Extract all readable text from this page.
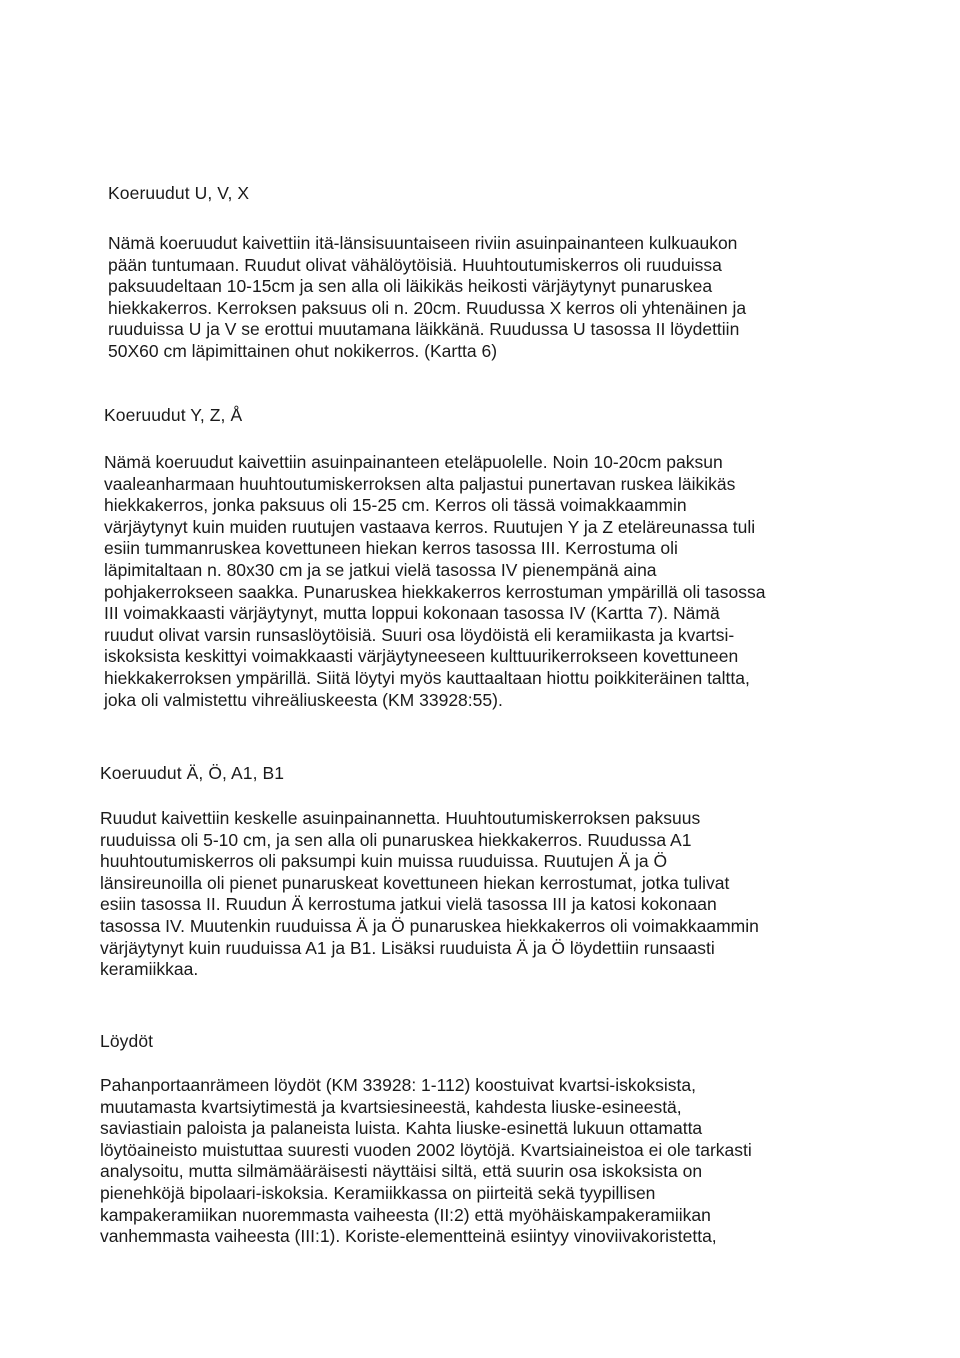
Koeruudut U, V, X

Nämä koeruudut kaivettiin itä-länsisuuntaiseen riviin asuinpainanteen kulkuaukon
pään tuntumaan. Ruudut olivat vähälöytöisiä. Huuhtoutumiskerros oli ruuduissa
paksuudeltaan 10-15cm ja sen alla oli läikikäs heikosti värjäytynyt punaruskea
hiekkakerros. Kerroksen paksuus oli n. 20cm. Ruudussa X kerros oli yhtenäinen ja
ruuduissa U ja V se erottui muutamana läikkänä. Ruudussa U tasossa II löydettiin
50X60 cm läpimittainen ohut nokikerros. (Kartta 6)

Koeruudut Y, Z, Å

Nämä koeruudut kaivettiin asuinpainanteen eteläpuolelle. Noin 10-20cm paksun
vaaleanharmaan huuhtoutumiskerroksen alta paljastui punertavan ruskea läikikäs
hiekkakerros, jonka paksuus oli 15-25 cm. Kerros oli tässä voimakkaammin
värjäytynyt kuin muiden ruutujen vastaava kerros. Ruutujen Y ja Z eteläreunassa tuli
esiin tummanruskea kovettuneen hiekan kerros tasossa III. Kerrostuma oli
läpimitaltaan n. 80x30 cm ja se jatkui vielä tasossa IV pienempänä aina
pohjakerrokseen saakka. Punaruskea hiekkakerros kerrostuman ympärillä oli tasossa
III voimakkaasti värjäytynyt, mutta loppui kokonaan tasossa IV (Kartta 7). Nämä
ruudut olivat varsin runsaslöytöisiä. Suuri osa löydöistä eli keramiikasta ja kvartsi-
iskoksista keskittyi voimakkaasti värjäytyneeseen kulttuurikerrokseen kovettuneen
hiekkakerroksen ympärillä. Siitä löytyi myös kauttaaltaan hiottu poikkiteräinen taltta,
joka oli valmistettu vihreäliuskeesta (KM 33928:55).

Koeruudut Ä, Ö, A1, B1

Ruudut kaivettiin keskelle asuinpainannetta. Huuhtoutumiskerroksen paksuus
ruuduissa oli 5-10 cm, ja sen alla oli punaruskea hiekkakerros. Ruudussa A1
huuhtoutumiskerros oli paksumpi kuin muissa ruuduissa. Ruutujen Ä ja Ö
länsireunoilla oli pienet punaruskeat kovettuneen hiekan kerrostumat, jotka tulivat
esiin tasossa II. Ruudun Ä kerrostuma jatkui vielä tasossa III ja katosi kokonaan
tasossa IV. Muutenkin ruuduissa Ä ja Ö punaruskea hiekkakerros oli voimakkaammin
värjäytynyt kuin ruuduissa A1 ja B1. Lisäksi ruuduista Ä ja Ö löydettiin runsaasti
keramiikkaa.

Löydöt

Pahanportaanrämeen löydöt (KM 33928: 1-112) koostuivat kvartsi-iskoksista,
muutamasta kvartsiytimestä ja kvartsiesineestä, kahdesta liuske-esineestä,
saviastiain paloista ja palaneista luista. Kahta liuske-esinettä lukuun ottamatta
löytöaineisto muistuttaa suuresti vuoden 2002 löytöjä. Kvartsiaineistoa ei ole tarkasti
analysoitu, mutta silmämääräisesti näyttäisi siltä, että suurin osa iskoksista on
pienehköjä bipolaari-iskoksia. Keramiikkassa on piirteitä sekä tyypillisen
kampakeramiikan nuoremmasta vaiheesta (II:2) että myöhäiskampakeramiikan
vanhemmasta vaiheesta (III:1). Koriste-elementteinä esiintyy vinoviivakoristetta,
